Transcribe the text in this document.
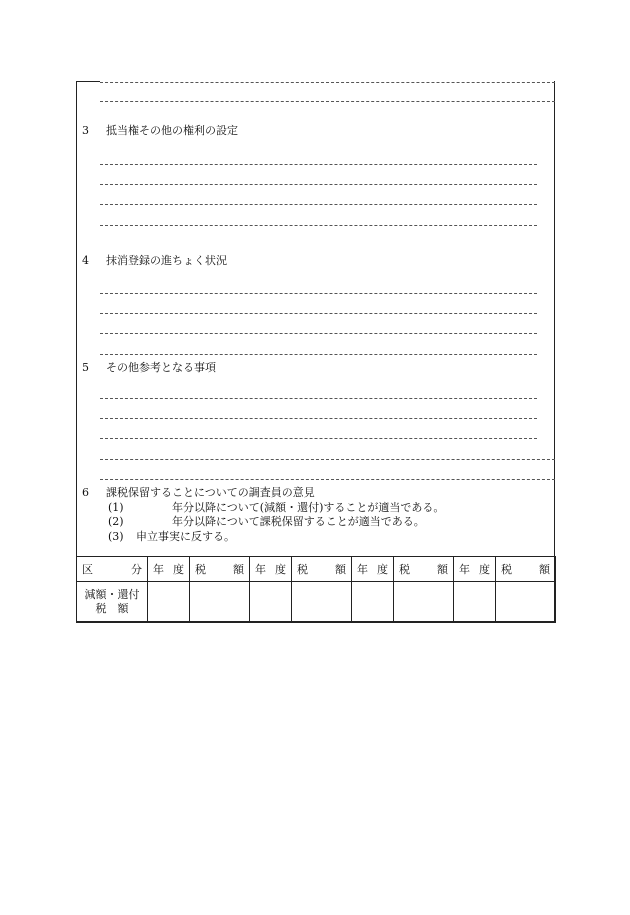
3 抵当権その他の権利の設定
4 抹消登録の進ちょく状況
5 その他参考となる事項
6	課税保留することについての調査員の意見
(1)	年分以降について(減額・還付)することが適当である。
(2)	年分以降について課税保留することが適当である。
(3)	申立事実に反する。
区 分	年 度	税 額	年 度	税 額	年 度	税 額	年 度	税 額

減額・還付
税　額								
